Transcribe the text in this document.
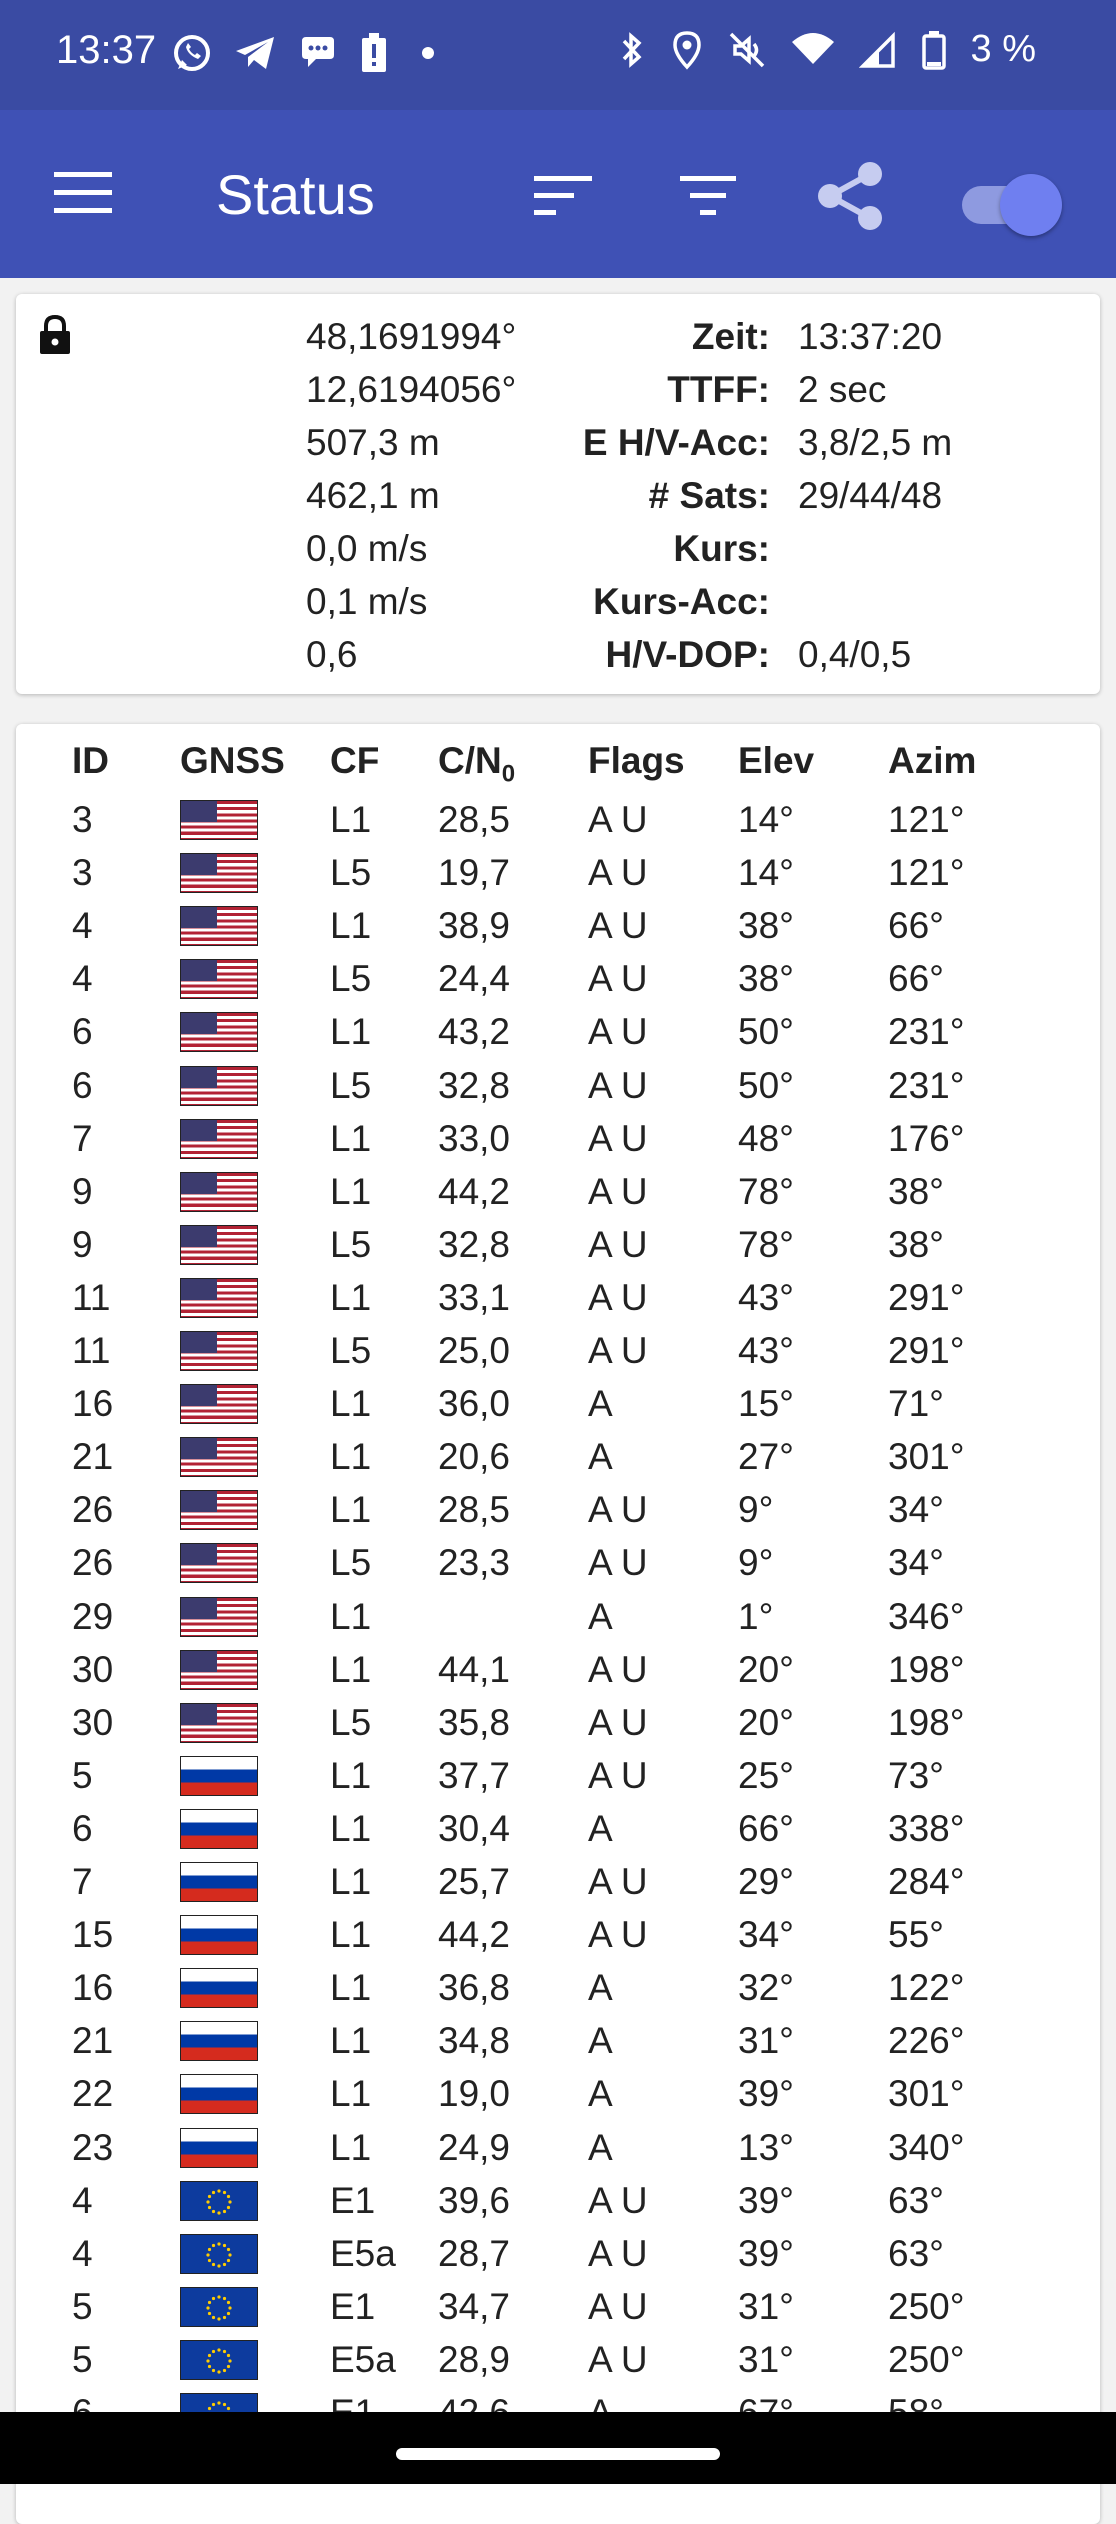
13:37	3 %
Status
48,1691994°
12,6194056°
507,3 m
462,1 m
0,0 m/s
0,1 m/s
0,6
Zeit: 13:37:20
TTFF: 2 sec
E H/V-Acc: 3,8/2,5 m
# Sats: 29/44/48
Kurs:
Kurs-Acc:
H/V-DOP: 0,4/0,5
ID GNSS CF $C/N_0$ Flags Elev Azim
3	L1 28,5 A U 14°	121°
3	L5 19,7 A U 14°	121°
4	L1 38,9 A U 38°	66°
4	L5 24,4 A U 38°	66°
6	L1 43,2 A U 50°	231°
6	L5 32,8 A U 50°	231°
7	L1 33,0 A U 48°	176°
9	L1 44,2 A U 78°	38°
9	L5 32,8 A U 78°	38°
11	L1 33,1 A U 43°	291°
11	L5 25,0 A U 43°	291°
16	L1 36,0 A	15°	71°
21	L1 20,6 A	27°	301°
26	L1 28,5 A U 9°	34°
26	L5 23,3 A U 9°	34°
29	L1	A	1°	346°
30	L1 44,1 A U 20°	198°
30	L5 35,8 A U 20°	198°
5	L1 37,7 A U 25°	73°
6	L1 30,4 A	66°	338°
7	L1 25,7 A U 29°	284°
15	L1 44,2 A U 34°	55°
16	L1 36,8 A	32°	122°
21	L1 34,8 A	31°	226°
22	L1 19,0 A	39°	301°
23	L1 24,9 A	13°	340°
4	E1 39,6 A U 39°	63°
4	E5a 28,7 A U 39°	63°
5	E1 34,7 A U 31°	250°
5	E5a 28,9 A U 31°	250°
